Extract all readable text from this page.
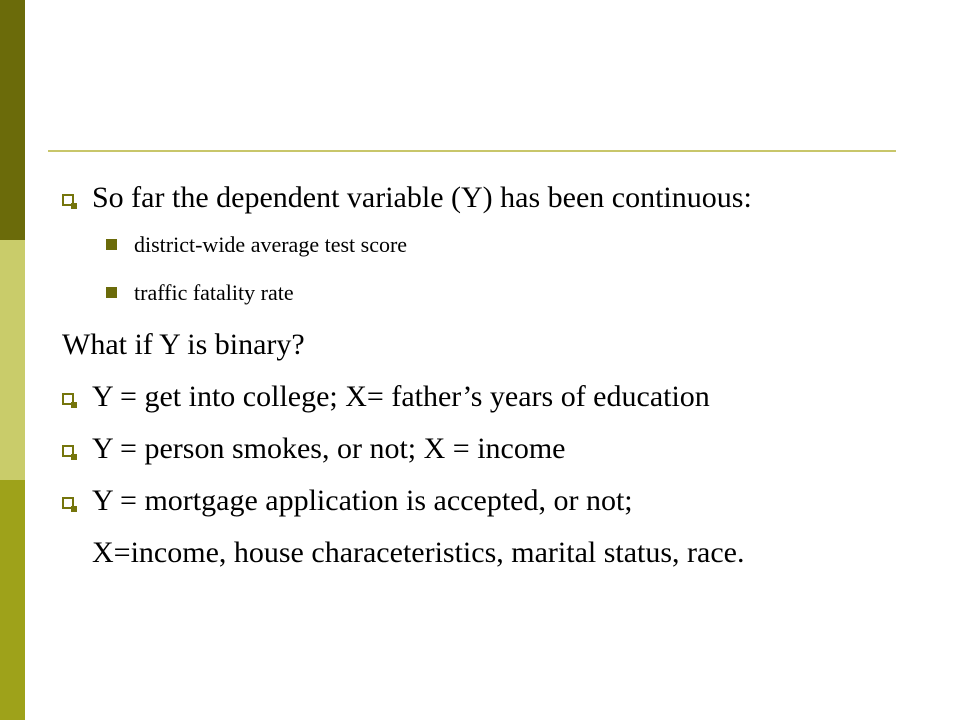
So far the dependent variable (Y) has been continuous:
district-wide average test score
traffic fatality rate
What if Y is binary?
Y = get into college; X= father’s years of education
Y = person smokes, or not; X = income
Y = mortgage application is accepted, or not;
X=income, house characeteristics, marital status, race.
